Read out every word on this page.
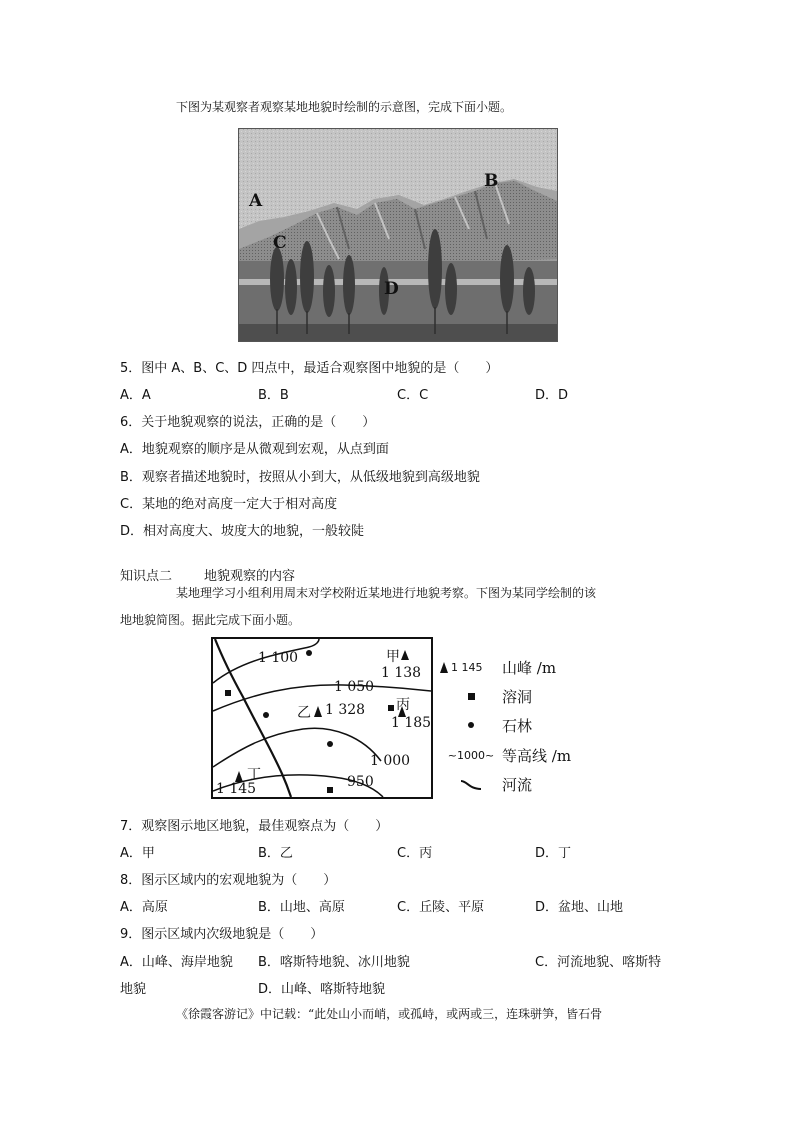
下图为某观察者观察某地地貌时绘制的示意图，完成下面小题。
A
B
C
D
5．图中 A、B、C、D 四点中，最适合观察图中地貌的是（　　）
A．A	B．B	C．C	D．D
6．关于地貌观察的说法，正确的是（　　）
A．地貌观察的顺序是从微观到宏观，从点到面
B．观察者描述地貌时，按照从小到大，从低级地貌到高级地貌
C．某地的绝对高度一定大于相对高度
D．相对高度大、坡度大的地貌，一般较陡
知识点二 地貌观察的内容
某地理学习小组利用周末对学校附近某地进行地貌考察。下图为某同学绘制的该
地地貌简图。据此完成下面小题。
1 100
1 050
1 000
950
甲
1 138
乙 1 328 丙
1 185
丁
1 145
1 145 山峰 /m
溶洞
石林
~ 1000 ~ 等高线 /m
河流
7．观察图示地区地貌，最佳观察点为（　　）
A．甲	B．乙	C．丙	D．丁
8．图示区域内的宏观地貌为（　　）
A．高原	B．山地、高原	C．丘陵、平原	D．盆地、山地
9．图示区域内次级地貌是（　　）
A．山峰、海岸地貌 B．喀斯特地貌、冰川地貌	C．河流地貌、喀斯特
地貌	D．山峰、喀斯特地貌
《徐霞客游记》中记载：“此处山小而峭，或孤峙，或两或三，连珠骈笋，皆石骨
